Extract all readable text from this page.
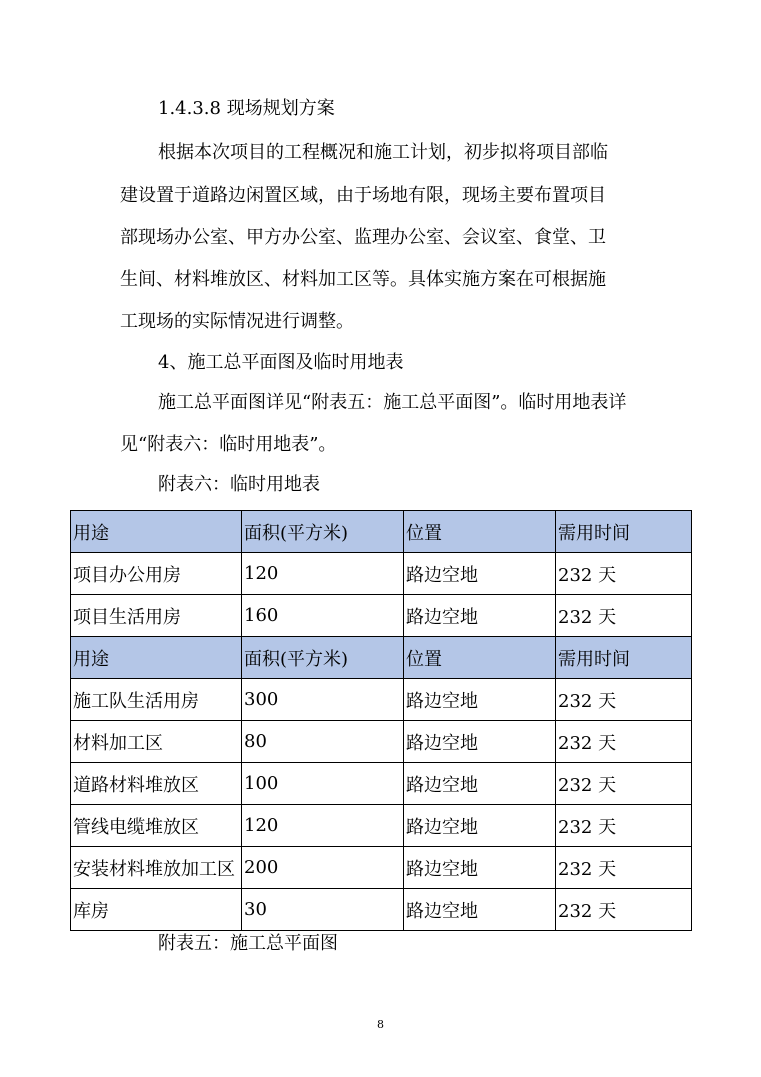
1.4.3.8 现场规划方案

根据本次项目的工程概况和施工计划，初步拟将项目部临

建设置于道路边闲置区域，由于场地有限，现场主要布置项目

部现场办公室、甲方办公室、监理办公室、会议室、食堂、卫

生间、材料堆放区、材料加工区等。具体实施方案在可根据施

工现场的实际情况进行调整。

4、施工总平面图及临时用地表

施工总平面图详见“附表五：施工总平面图”。临时用地表详

见“附表六：临时用地表”。

附表六：临时用地表

用途	面积(平方米)	位置	需用时间
项目办公用房	120	路边空地	232 天
项目生活用房	160	路边空地	232 天
用途	面积(平方米)	位置	需用时间
施工队生活用房	300	路边空地	232 天
材料加工区	80	路边空地	232 天
道路材料堆放区	100	路边空地	232 天
管线电缆堆放区	120	路边空地	232 天
安装材料堆放加工区	200	路边空地	232 天
库房	30	路边空地	232 天

附表五：施工总平面图

8
